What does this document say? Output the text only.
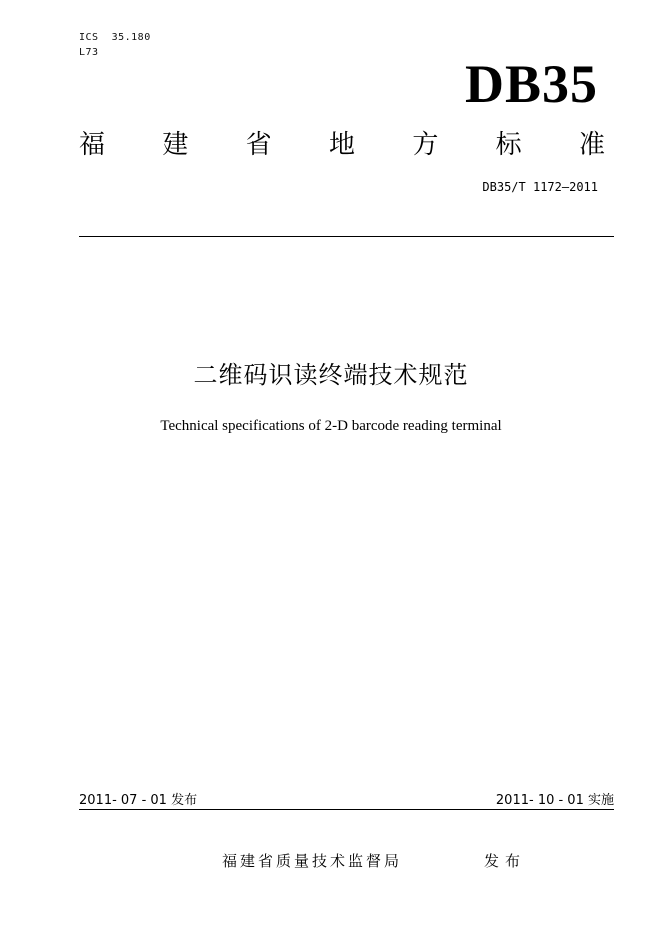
ICS  35.180
L73
DB35
福 建 省 地 方 标 准
DB35/T 1172—2011
二维码识读终端技术规范
Technical specifications of 2-D barcode reading terminal
2011- 07 - 01 发布	2011- 10 - 01 实施
福建省质量技术监督局	发布
